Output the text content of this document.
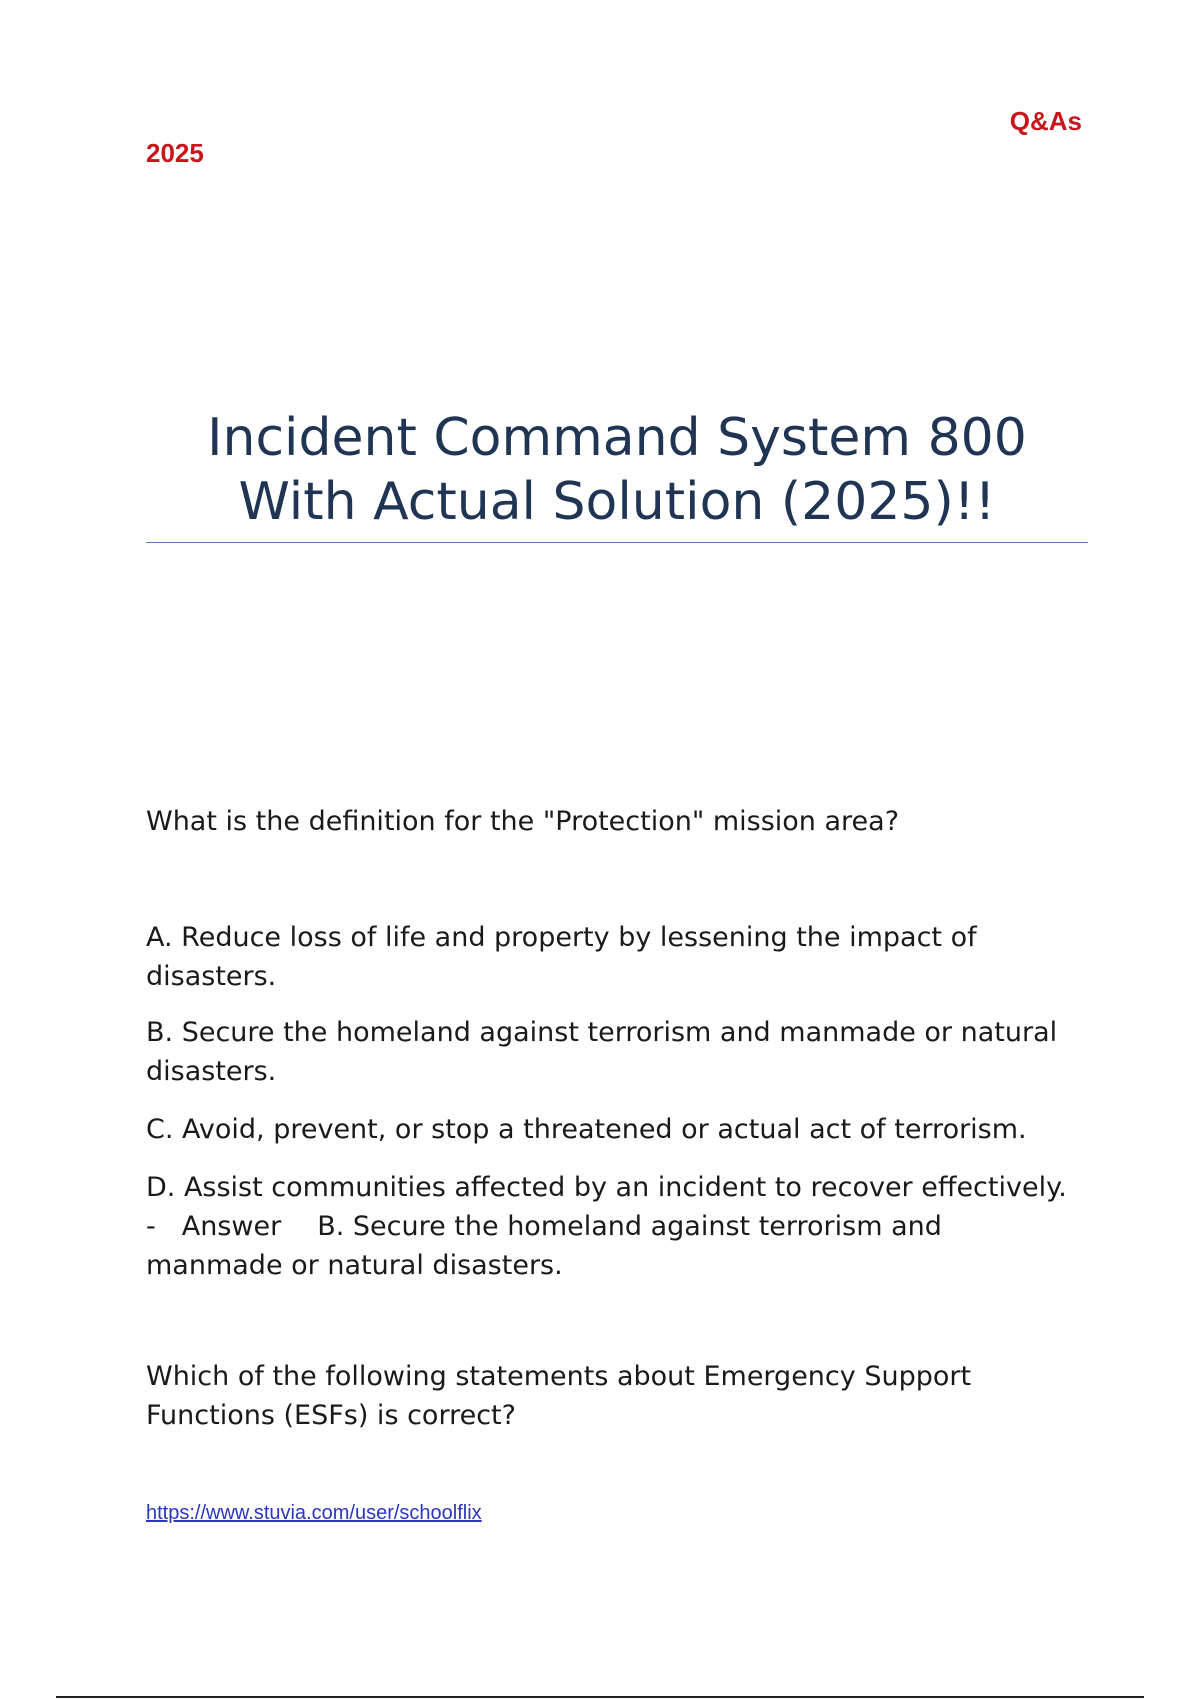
2025
Q&As
Incident Command System 800
With Actual Solution (2025)!!
What is the definition for the "Protection" mission area?
A. Reduce loss of life and property by lessening the impact of disasters.
B. Secure the homeland against terrorism and manmade or natural disasters.
C. Avoid, prevent, or stop a threatened or actual act of terrorism.
D. Assist communities affected by an incident to recover effectively. - Answer B. Secure the homeland against terrorism and manmade or natural disasters.
Which of the following statements about Emergency Support Functions (ESFs) is correct?
https://www.stuvia.com/user/schoolflix
